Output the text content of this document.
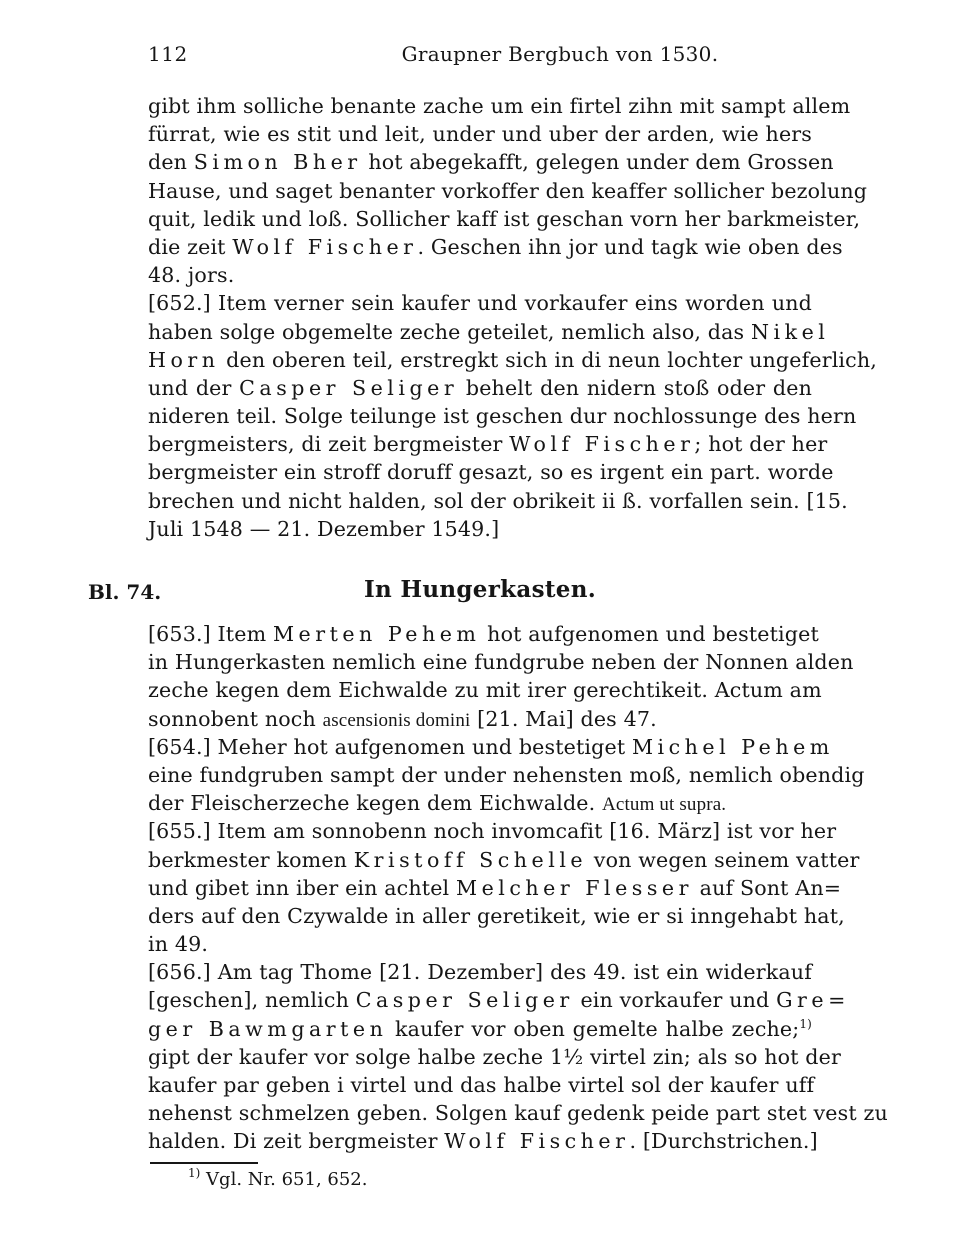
112	Graupner Bergbuch von 1530.
gibt ihm solliche benante zache um ein firtel zihn mit sampt allem
fürrat, wie es stit und leit, under und uber der arden, wie hers
den Simon Bher hot abegekafft, gelegen under dem Grossen
Hause, und saget benanter vorkoffer den keaffer sollicher bezolung
quit, ledik und loß. Sollicher kaff ist geschan vorn her barkmeister,
die zeit Wolf Fischer. Geschen ihn jor und tagk wie oben des
48. jors.
[652.] Item verner sein kaufer und vorkaufer eins worden und
haben solge obgemelte zeche geteilet, nemlich also, das Nikel
Horn den oberen teil, erstregkt sich in di neun lochter ungeferlich,
und der Casper Seliger behelt den nidern stoß oder den
nideren teil. Solge teilunge ist geschen dur nochlossunge des hern
bergmeisters, di zeit bergmeister Wolf Fischer; hot der her
bergmeister ein stroff doruff gesazt, so es irgent ein part. worde
brechen und nicht halden, sol der obrikeit ii ß. vorfallen sein. [15.
Juli 1548 — 21. Dezember 1549.]
Bl. 74.	In Hungerkasten.
[653.] Item Merten Pehem hot aufgenomen und bestetiget
in Hungerkasten nemlich eine fundgrube neben der Nonnen alden
zeche kegen dem Eichwalde zu mit irer gerechtikeit. Actum am
sonnobent noch ascensionis domini [21. Mai] des 47.
[654.] Meher hot aufgenomen und bestetiget Michel Pehem
eine fundgruben sampt der under nehensten moß, nemlich obendig
der Fleischerzeche kegen dem Eichwalde. Actum ut supra.
[655.] Item am sonnobenn noch invomcafit [16. März] ist vor her
berkmester komen Kristoff Schelle von wegen seinem vatter
und gibet inn iber ein achtel Melcher Flesser auf Sont An=
ders auf den Czywalde in aller geretikeit, wie er si inngehabt hat,
in 49.
[656.] Am tag Thome [21. Dezember] des 49. ist ein widerkauf
[geschen], nemlich Casper Seliger ein vorkaufer und Gre=
ger Bawmgarten kaufer vor oben gemelte halbe zeche;$^{1)}$
gipt der kaufer vor solge halbe zeche 1½ virtel zin; als so hot der
kaufer par geben i virtel und das halbe virtel sol der kaufer uff
nehenst schmelzen geben. Solgen kauf gedenk peide part stet vest zu
halden. Di zeit bergmeister Wolf Fischer. [Durchstrichen.]
$^{1)}$ Vgl. Nr. 651, 652.
